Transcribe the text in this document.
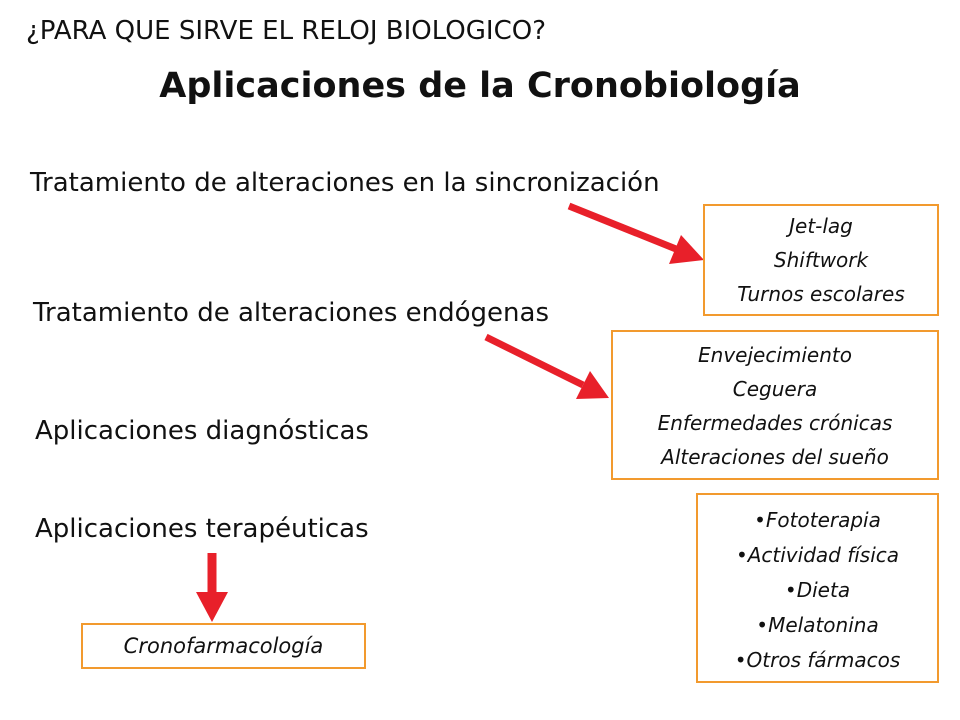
¿PARA QUE SIRVE EL RELOJ BIOLOGICO?
Aplicaciones de la Cronobiología
Tratamiento de alteraciones en la sincronización
Tratamiento de alteraciones endógenas
Aplicaciones diagnósticas
Aplicaciones terapéuticas
Jet-lag
Shiftwork
Turnos escolares
Envejecimiento
Ceguera
Enfermedades crónicas
Alteraciones del sueño
•Fototerapia
•Actividad física
•Dieta
•Melatonina
•Otros fármacos
Cronofarmacología
